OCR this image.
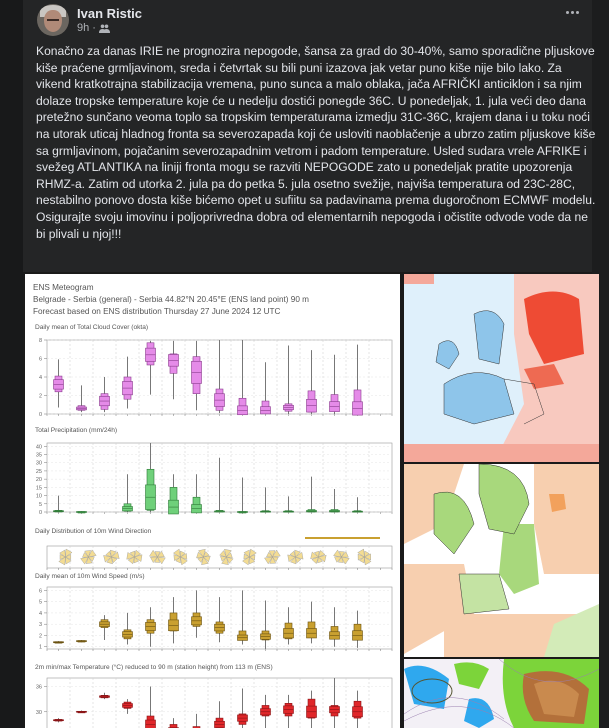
Ivan Ristic
9h ·
Konačno za danas IRIE ne prognozira nepogode, šansa za grad do 30-40%, samo sporadične pljuskove kiše praćene grmljavinom, sreda i četvrtak su bili puni izazova jak vetar puno kiše nije bilo lako. Za vikend kratkotrajna stabilizacija vremena, puno sunca a malo oblaka, jača AFRIČKI anticiklon i sa njim dolaze tropske temperature koje će u nedelju dostići ponegde 36C. U ponedeljak, 1. jula veći deo dana pretežno sunčano veoma toplo sa tropskim temperaturama izmedju 31C-36C, krajem dana i u toku noći na utorak uticaj hladnog fronta sa severozapada koji će usloviti naoblačenje a ubrzo zatim pljuskove kiše sa grmljavinom, pojačanim severozapadnim vetrom i padom temperature. Usled sudara vrele AFRIKE i svežeg ATLANTIKA na liniji fronta mogu se razviti NEPOGODE zato u ponedeljak pratite upozorenja RHMZ-a. Zatim od utorka 2. jula pa do petka 5. jula osetno svežije, najviša temperatura od 23C-28C, nestabilno ponovo dosta kiše bićemo opet u sufiitu sa padavinama prema dugoročnom ECMWF modelu.
Osigurajte svoju imovinu i poljoprivredna dobra od elementarnih nepogoda i očistite odvode vode da ne bi plivali u njoj!!!
ENS Meteogram
Belgrade - Serbia (general) - Serbia 44.82°N 20.45°E (ENS land point) 90 m
Forecast based on ENS distribution Thursday 27 June 2024 12 UTC
Daily mean of Total Cloud Cover (okta)
0
2
4
6
8
Total Precipitation (mm/24h)
0
5
10
15
20
25
30
35
40
Daily Distribution of 10m Wind Direction
Daily mean of 10m Wind Speed (m/s)
1
2
3
4
5
6
2m min/max Temperature (°C) reduced to 90 m (station height) from 113 m (ENS)
30
36
